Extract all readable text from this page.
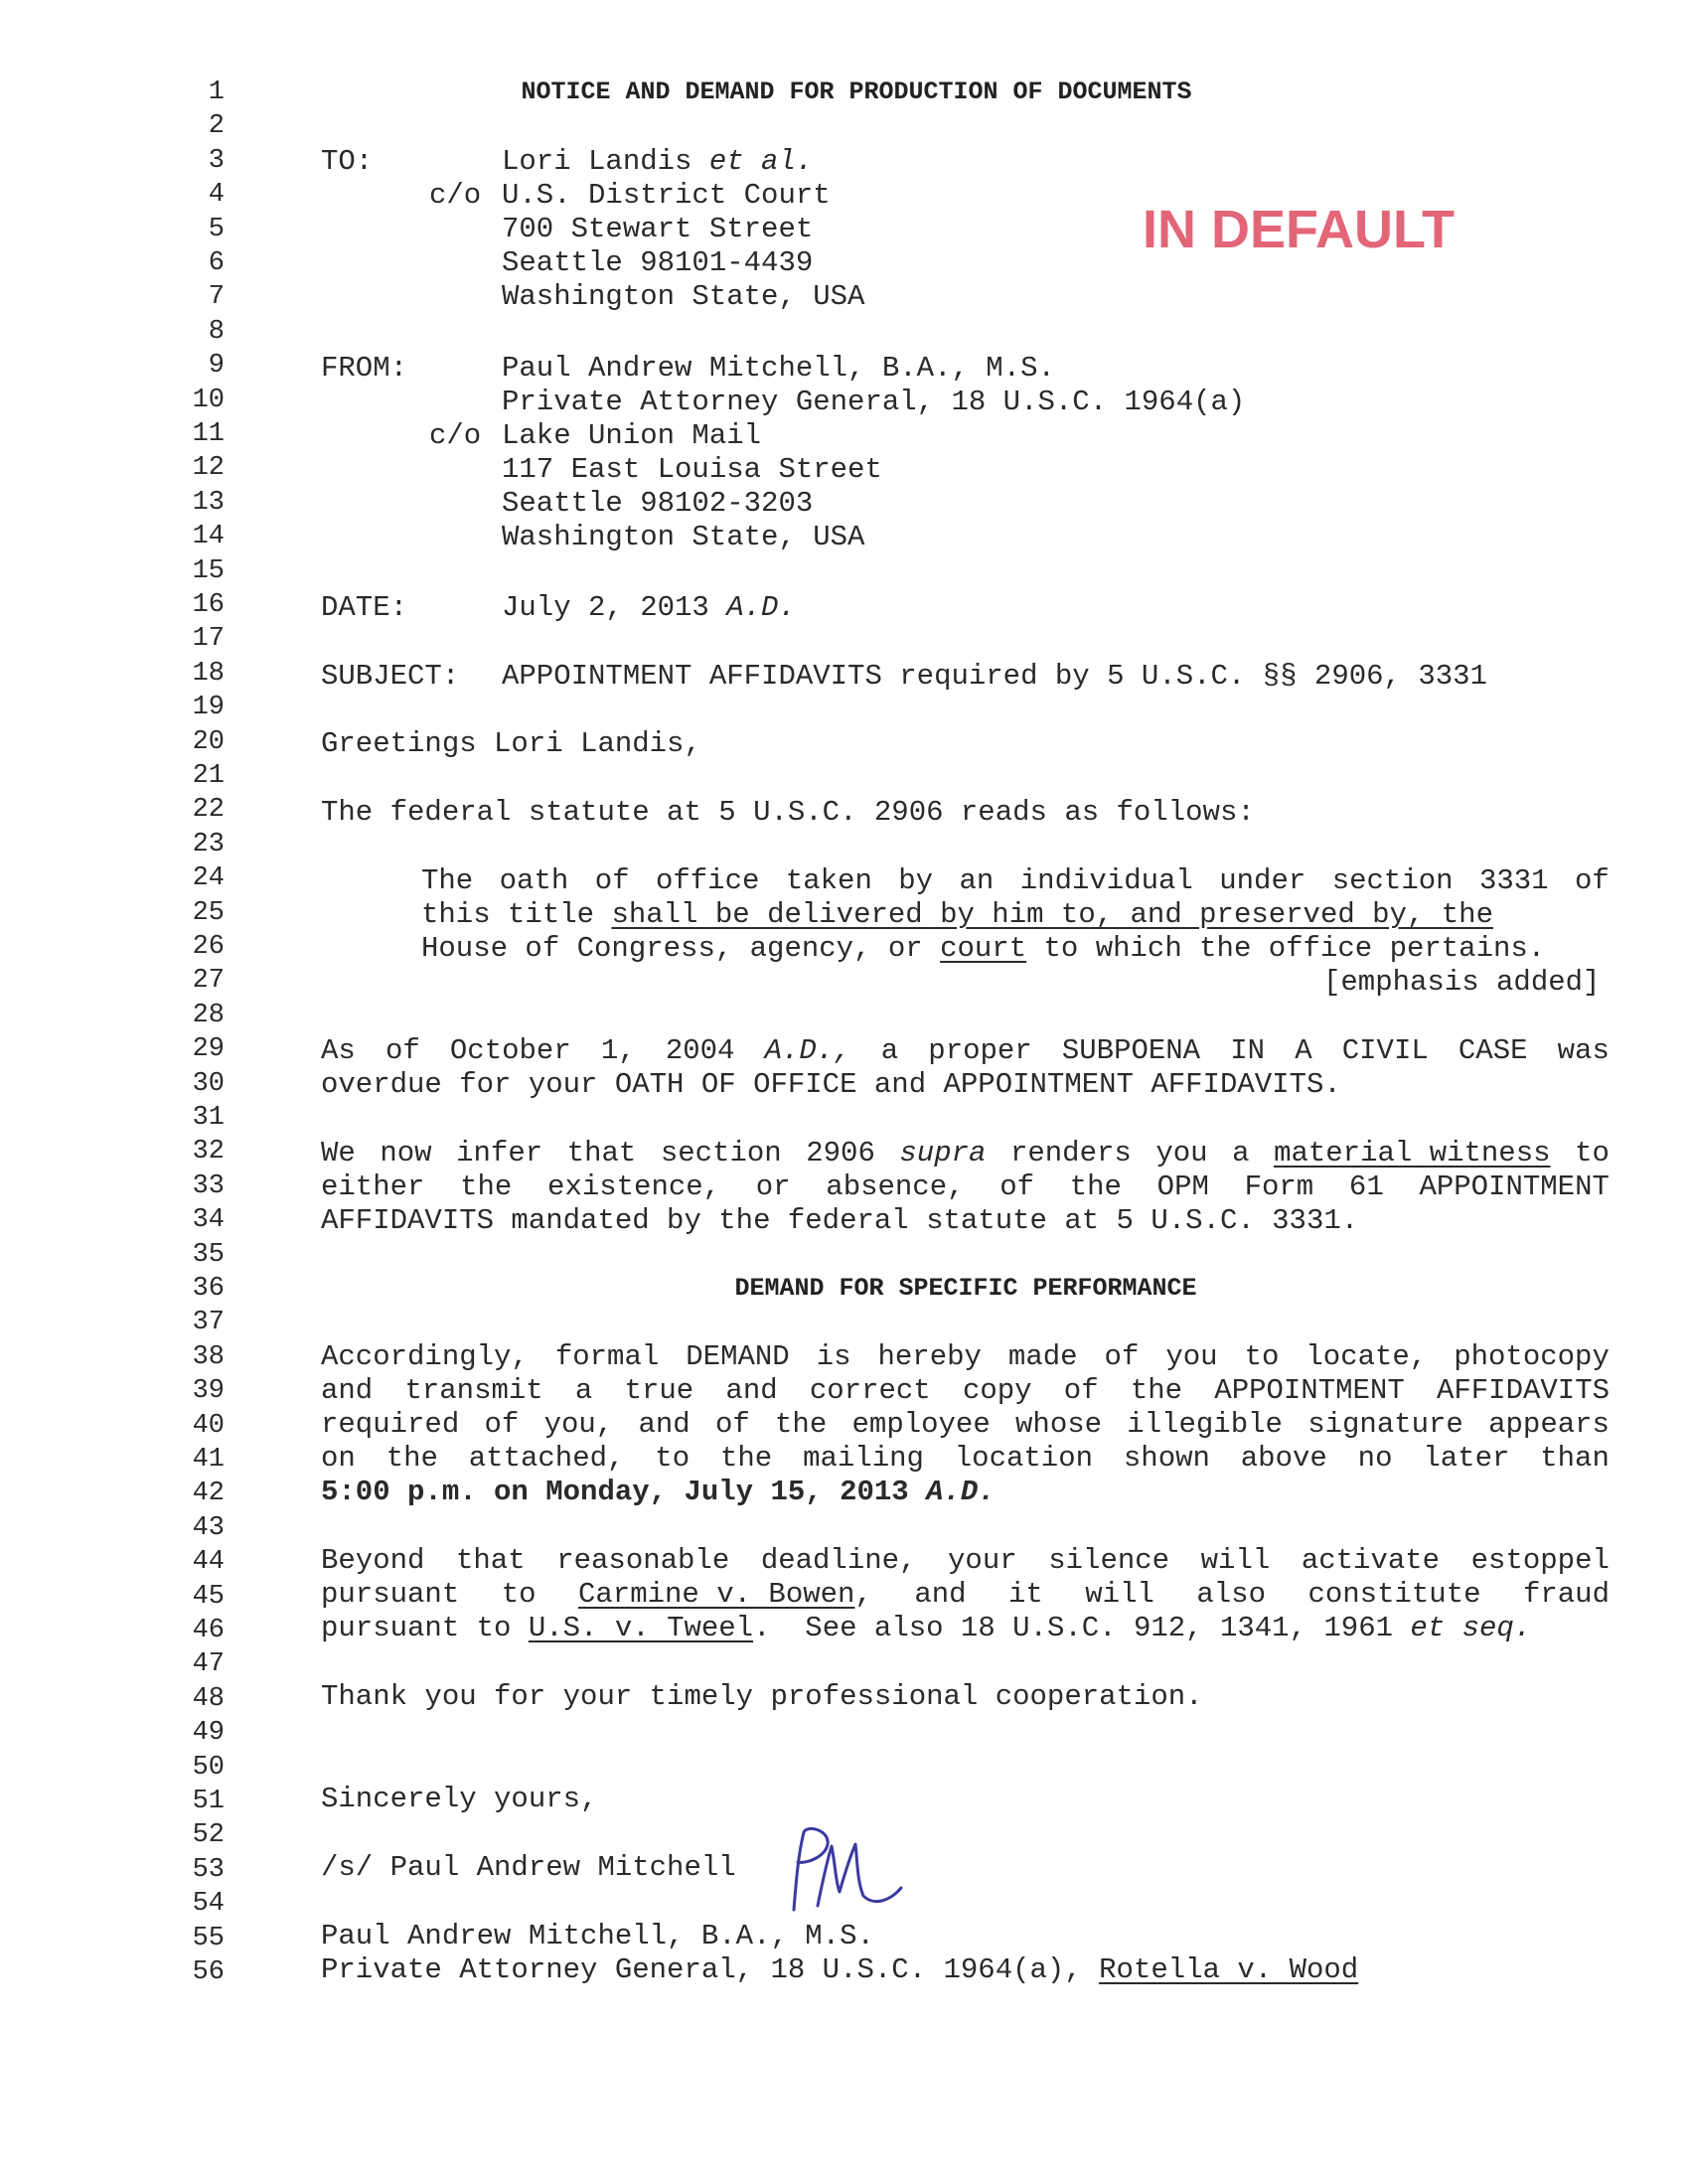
1
2
3
4
5
6
7
8
9
10
11
12
13
14
15
16
17
18
19
20
21
22
23
24
25
26
27
28
29
30
31
32
33
34
35
36
37
38
39
40
41
42
43
44
45
46
47
48
49
50
51
52
53
54
55
56
NOTICE AND DEMAND FOR PRODUCTION OF DOCUMENTS
IN DEFAULT
TO:	Lori Landis et al.
c/o U.S. District Court
700 Stewart Street
Seattle 98101-4439
Washington State, USA
FROM:	Paul Andrew Mitchell, B.A., M.S.
Private Attorney General, 18 U.S.C. 1964(a)
c/o Lake Union Mail
117 East Louisa Street
Seattle 98102-3203
Washington State, USA
DATE:	July 2, 2013 A.D.
SUBJECT: APPOINTMENT AFFIDAVITS required by 5 U.S.C. §§ 2906, 3331
Greetings Lori Landis,
The federal statute at 5 U.S.C. 2906 reads as follows:
The oath of office taken by an individual under section 3331 of
this title shall be delivered by him to, and preserved by, the
House of Congress, agency, or court to which the office pertains.
[emphasis added]
As of October 1, 2004 A.D., a proper SUBPOENA IN A CIVIL CASE was
overdue for your OATH OF OFFICE and APPOINTMENT AFFIDAVITS.
We now infer that section 2906 supra renders you a material witness to
either the existence, or absence, of the OPM Form 61 APPOINTMENT
AFFIDAVITS mandated by the federal statute at 5 U.S.C. 3331.
DEMAND FOR SPECIFIC PERFORMANCE
Accordingly, formal DEMAND is hereby made of you to locate, photocopy
and transmit a true and correct copy of the APPOINTMENT AFFIDAVITS
required of you, and of the employee whose illegible signature appears
on the attached, to the mailing location shown above no later than
5:00 p.m. on Monday, July 15, 2013 A.D.
Beyond that reasonable deadline, your silence will activate estoppel
pursuant to Carmine v. Bowen, and it will also constitute fraud
pursuant to U.S. v. Tweel.  See also 18 U.S.C. 912, 1341, 1961 et seq.
Thank you for your timely professional cooperation.
Sincerely yours,
/s/ Paul Andrew Mitchell
Paul Andrew Mitchell, B.A., M.S.
Private Attorney General, 18 U.S.C. 1964(a), Rotella v. Wood
